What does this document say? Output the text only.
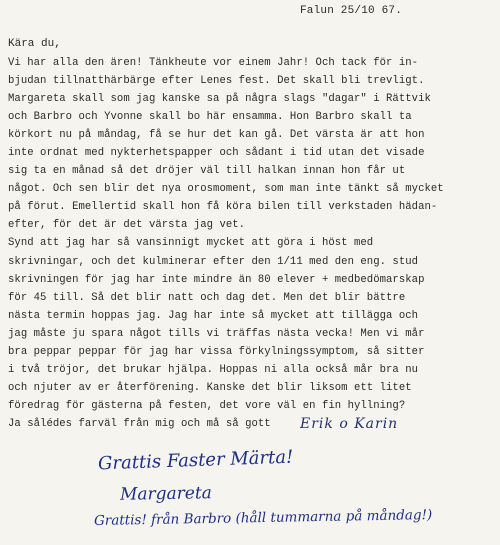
Falun 25/10 67.
Kära du,
Vi har alla den ären! Tänkheute vor einem Jahr! Och tack för in-
bjudan tillnatthärbärge efter Lenes fest. Det skall bli trevligt.
Margareta skall som jag kanske sa på några slags "dagar" i Rättvik
och Barbro och Yvonne skall bo här ensamma. Hon Barbro skall ta
körkort nu på måndag, få se hur det kan gå. Det värsta är att hon
inte ordnat med nykterhetspapper och sådant i tid utan det visade
sig ta en månad så det dröjer väl till halkan innan hon får ut
något. Och sen blir det nya orosmoment, som man inte tänkt så mycket
på förut. Emellertid skall hon få köra bilen till verkstaden hädan-
efter, för det är det värsta jag vet.
Synd att jag har så vansinnigt mycket att göra i höst med
skrivningar, och det kulminerar efter den 1/11 med den eng. stud
skrivningen för jag har inte mindre än 80 elever + medbedömarskap
för 45 till. Så det blir natt och dag det. Men det blir bättre
nästa termin hoppas jag. Jag har inte så mycket att tillägga och
jag måste ju spara något tills vi träffas nästa vecka! Men vi mår
bra peppar peppar för jag har vissa förkylningssymptom, så sitter
i två tröjor, det brukar hjälpa. Hoppas ni alla också mår bra nu
och njuter av er återförening. Kanske det blir liksom ett litet
föredrag för gästerna på festen, det vore väl en fin hyllning?
Ja sålédes farväl från mig och må så gott	Erik o Karin
Grattis Faster Märta!
Margareta
Grattis! från Barbro (håll tummarna på måndag!)
